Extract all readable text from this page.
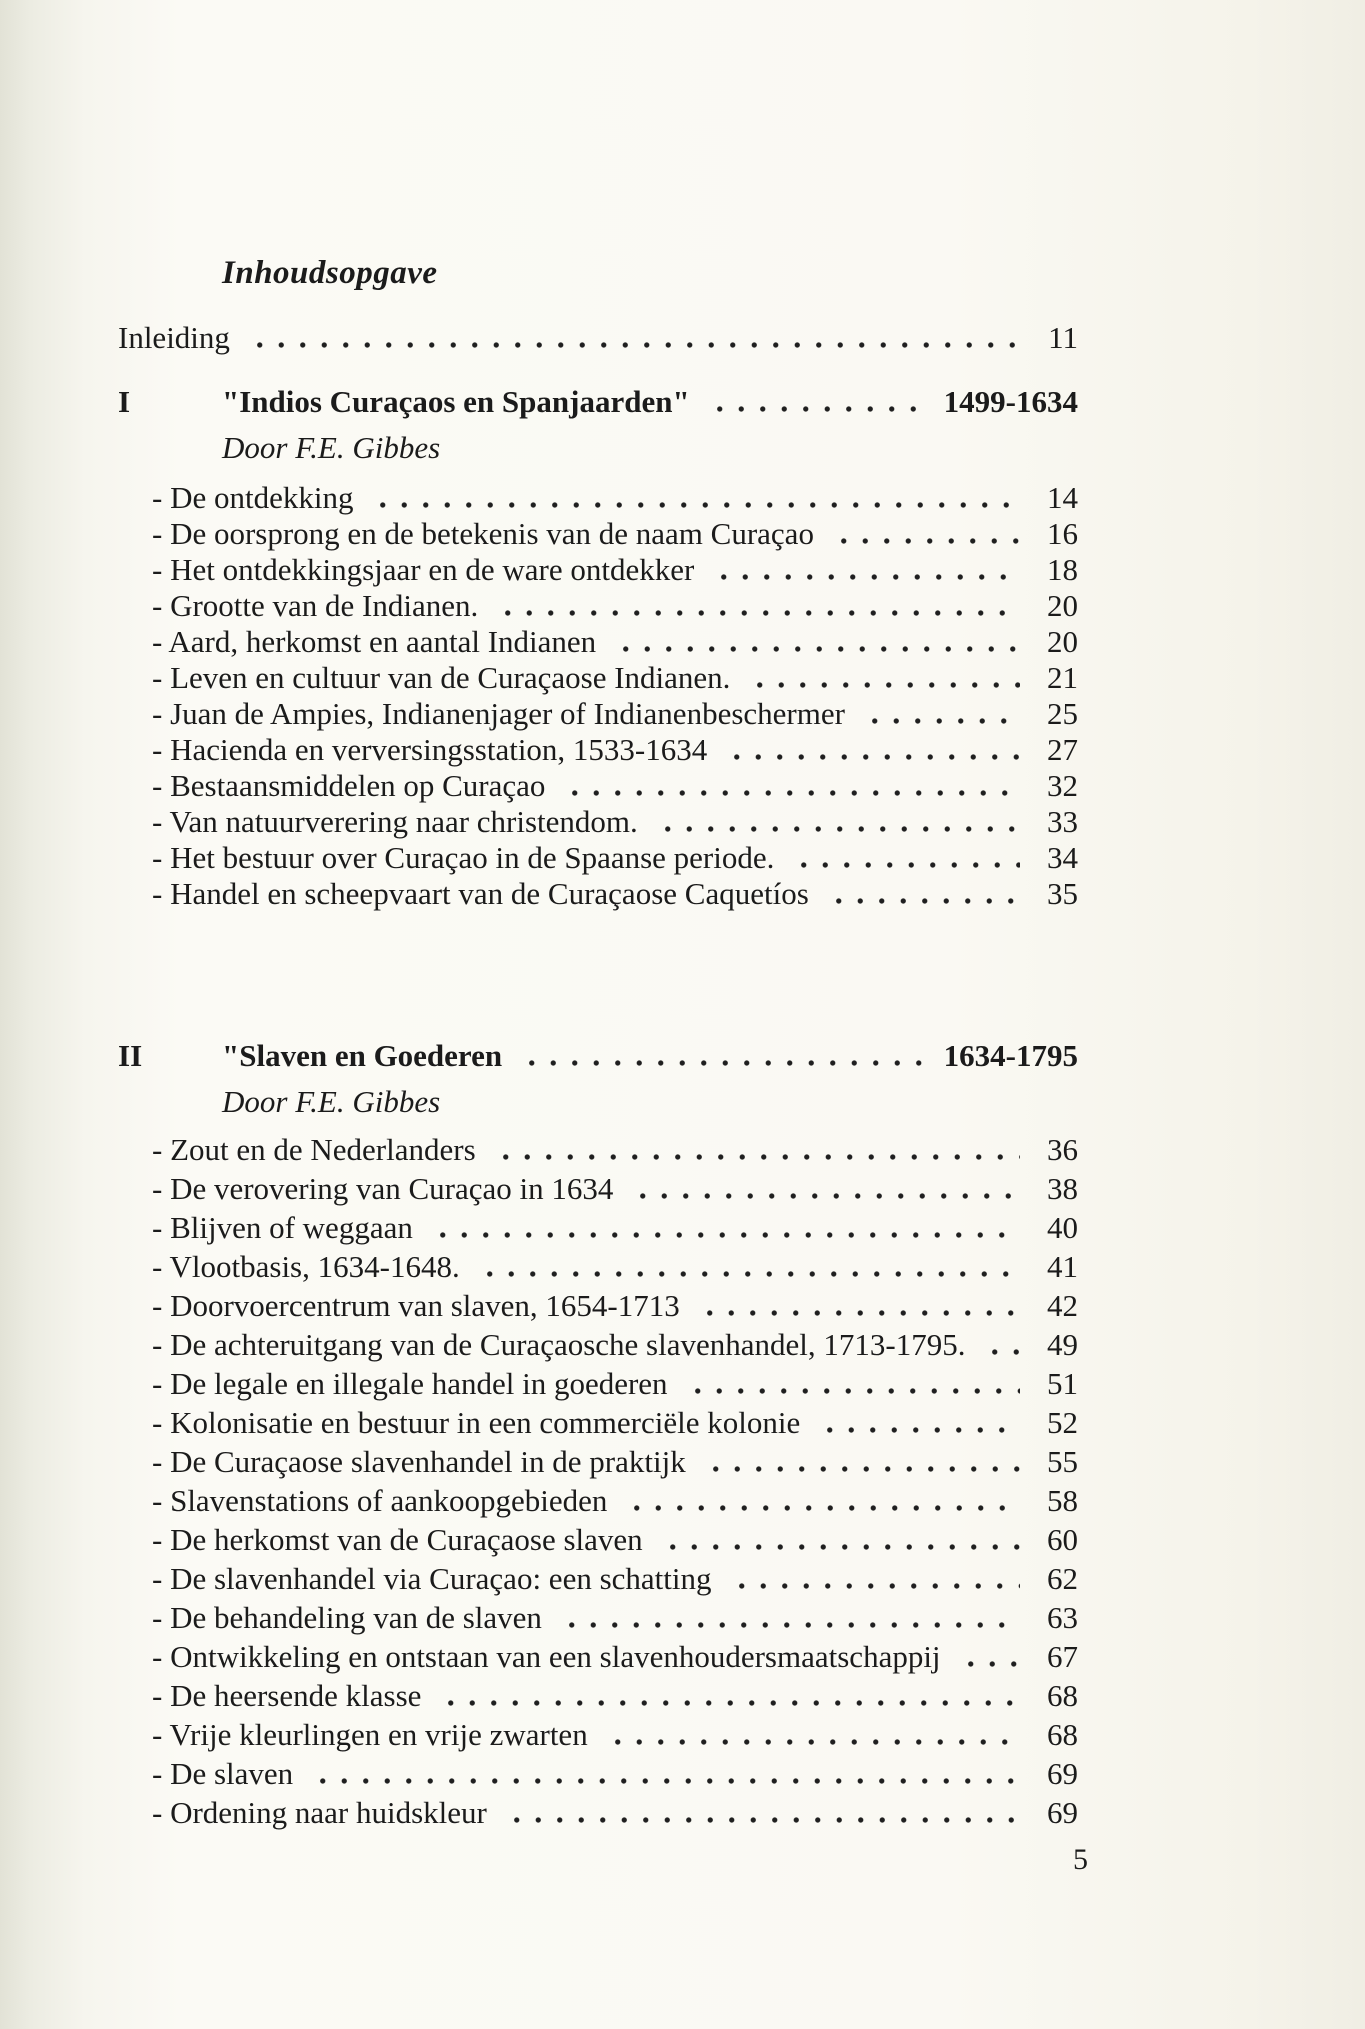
Inhoudsopgave
Inleiding	11
I	"Indios Curaçaos en Spanjaarden"	1499-1634
Door F.E. Gibbes
- De ontdekking	14
- De oorsprong en de betekenis van de naam Curaçao	16
- Het ontdekkingsjaar en de ware ontdekker	18
- Grootte van de Indianen.	20
- Aard, herkomst en aantal Indianen	20
- Leven en cultuur van de Curaçaose Indianen.	21
- Juan de Ampies, Indianenjager of Indianenbeschermer	25
- Hacienda en verversingsstation, 1533-1634	27
- Bestaansmiddelen op Curaçao	32
- Van natuurverering naar christendom.	33
- Het bestuur over Curaçao in de Spaanse periode.	34
- Handel en scheepvaart van de Curaçaose Caquetíos	35
II	"Slaven en Goederen	1634-1795
Door F.E. Gibbes
- Zout en de Nederlanders	36
- De verovering van Curaçao in 1634	38
- Blijven of weggaan	40
- Vlootbasis, 1634-1648.	41
- Doorvoercentrum van slaven, 1654-1713	42
- De achteruitgang van de Curaçaosche slavenhandel, 1713-1795.	49
- De legale en illegale handel in goederen	51
- Kolonisatie en bestuur in een commerciële kolonie	52
- De Curaçaose slavenhandel in de praktijk	55
- Slavenstations of aankoopgebieden	58
- De herkomst van de Curaçaose slaven	60
- De slavenhandel via Curaçao: een schatting	62
- De behandeling van de slaven	63
- Ontwikkeling en ontstaan van een slavenhoudersmaatschappij	67
- De heersende klasse	68
- Vrije kleurlingen en vrije zwarten	68
- De slaven	69
- Ordening naar huidskleur	69
5
